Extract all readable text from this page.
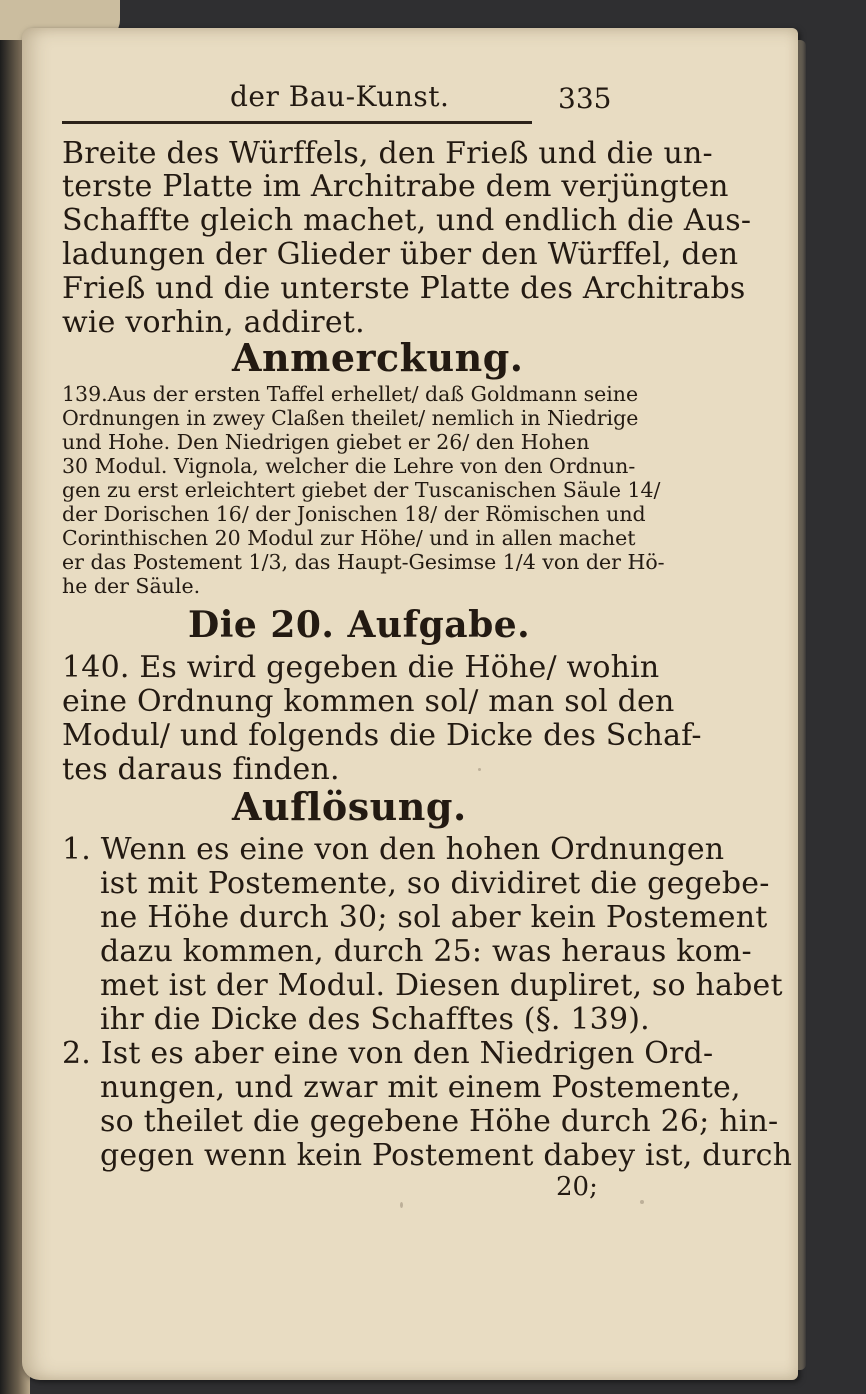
der Bau-Kunst.	335
Breite des Würffels, den Frieß und die un-
terste Platte im Architrabe dem verjüngten
Schaffte gleich machet, und endlich die Aus-
ladungen der Glieder über den Würffel, den
Frieß und die unterste Platte des Architrabs
wie vorhin, addiret.
Anmerckung.
139.Aus der ersten Taffel erhellet/ daß Goldmann seine
Ordnungen in zwey Claßen theilet/ nemlich in Niedrige
und Hohe. Den Niedrigen giebet er 26/ den Hohen
30 Modul. Vignola, welcher die Lehre von den Ordnun-
gen zu erst erleichtert giebet der Tuscanischen Säule 14/
der Dorischen 16/ der Jonischen 18/ der Römischen und
Corinthischen 20 Modul zur Höhe/ und in allen machet
er das Postement 1/3, das Haupt-Gesimse 1/4 von der Hö-
he der Säule.
Die 20. Aufgabe.
140. Es wird gegeben die Höhe/ wohin
eine Ordnung kommen sol/ man sol den
Modul/ und folgends die Dicke des Schaf-
tes daraus finden.
Auflösung.
1. Wenn es eine von den hohen Ordnungen
ist mit Postemente, so dividiret die gegebe-
ne Höhe durch 30; sol aber kein Postement
dazu kommen, durch 25: was heraus kom-
met ist der Modul. Diesen dupliret, so habet
ihr die Dicke des Schafftes (§. 139).
2. Ist es aber eine von den Niedrigen Ord-
nungen, und zwar mit einem Postemente,
so theilet die gegebene Höhe durch 26; hin-
gegen wenn kein Postement dabey ist, durch
20;
